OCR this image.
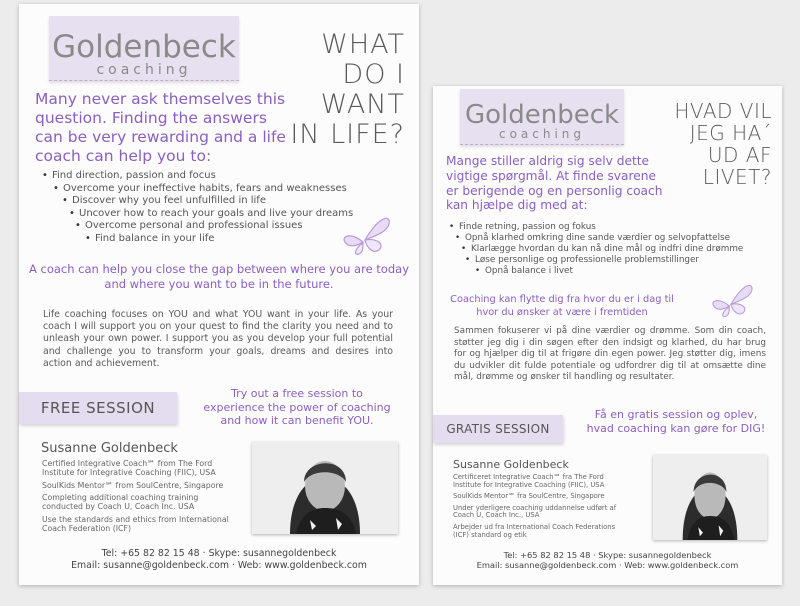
Goldenbeck
coaching
WHAT
DO I
WANT
IN LIFE?
Many never ask themselves this question. Finding the answers can be very rewarding and a life coach can help you to:
• Find direction, passion and focus
• Overcome your ineffective habits, fears and weaknesses
• Discover why you feel unfulfilled in life
• Uncover how to reach your goals and live your dreams
• Overcome personal and professional issues
• Find balance in your life
A coach can help you close the gap between where you are today and where you want to be in the future.
Life coaching focuses on YOU and what YOU want in your life. As your coach I will support you on your quest to find the clarity you need and to unleash your own power. I support you as you develop your full potential and challenge you to transform your goals, dreams and desires into action and achievement.
FREE SESSION
Try out a free session to experience the power of coaching and how it can benefit YOU.
Susanne Goldenbeck

Certified Integrative Coach℠ from The Ford Institute for Integrative Coaching (FIIC), USA

SoulKids Mentor℠ from SoulCentre, Singapore

Completing additional coaching training conducted by Coach U, Coach Inc. USA

Use the standards and ethics from International Coach Federation (ICF)

Tel: +65 82 82 15 48 · Skype: susannegoldenbeck
Email: susanne@goldenbeck.com · Web: www.goldenbeck.com
Goldenbeck
coaching
HVAD VIL
JEG HA´
UD AF
LIVET?
Mange stiller aldrig sig selv dette vigtige spørgmål. At finde svarene er berigende og en personlig coach kan hjælpe dig med at:
• Finde retning, passion og fokus
• Opnå klarhed omkring dine sande værdier og selvopfattelse
• Klarlægge hvordan du kan nå dine mål og indfri dine drømme
• Løse personlige og professionelle problemstillinger
• Opnå balance i livet
Coaching kan flytte dig fra hvor du er i dag til hvor du ønsker at være i fremtiden
Sammen fokuserer vi på dine værdier og drømme. Som din coach, støtter jeg dig i din søgen efter den indsigt og klarhed, du har brug for og hjælper dig til at frigøre din egen power. Jeg støtter dig, imens du udvikler dit fulde potentiale og udfordrer dig til at omsætte dine mål, drømme og ønsker til handling og resultater.
GRATIS SESSION
Få en gratis session og oplev, hvad coaching kan gøre for DIG!
Susanne Goldenbeck

Certificeret Integrative Coach℠ fra The Ford Institute for Integrative Coaching (FIIC), USA

SoulKids Mentor℠ fra SoulCentre, Singapore

Under yderligere coaching uddannelse udført af Coach U, Coach Inc., USA

Arbejder ud fra International Coach Federations (ICF) standard og etik

Tel: +65 82 82 15 48 · Skype: susannegoldenbeck
Email: susanne@goldenbeck.com · Web: www.goldenbeck.com
